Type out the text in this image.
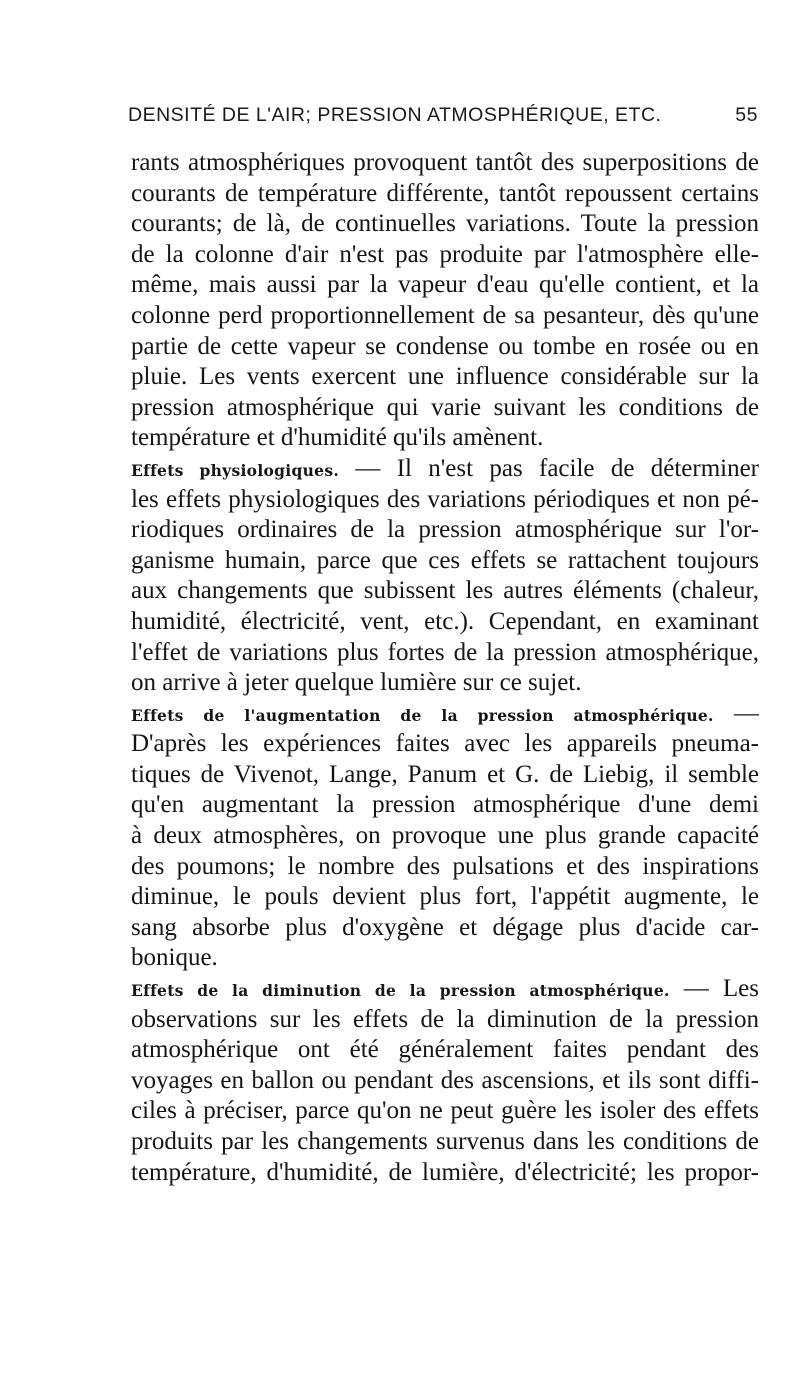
DENSITÉ DE L'AIR; PRESSION ATMOSPHÉRIQUE, ETC.	55
rants atmosphériques provoquent tantôt des superpositions de
courants de température différente, tantôt repoussent certains
courants; de là, de continuelles variations. Toute la pression
de la colonne d'air n'est pas produite par l'atmosphère elle-
même, mais aussi par la vapeur d'eau qu'elle contient, et la
colonne perd proportionnellement de sa pesanteur, dès qu'une
partie de cette vapeur se condense ou tombe en rosée ou en
pluie. Les vents exercent une influence considérable sur la
pression atmosphérique qui varie suivant les conditions de
température et d'humidité qu'ils amènent.
Effets physiologiques. — Il n'est pas facile de déterminer
les effets physiologiques des variations périodiques et non pé-
riodiques ordinaires de la pression atmosphérique sur l'or-
ganisme humain, parce que ces effets se rattachent toujours
aux changements que subissent les autres éléments (chaleur,
humidité, électricité, vent, etc.). Cependant, en examinant
l'effet de variations plus fortes de la pression atmosphérique,
on arrive à jeter quelque lumière sur ce sujet.
Effets de l'augmentation de la pression atmosphérique. —
D'après les expériences faites avec les appareils pneuma-
tiques de Vivenot, Lange, Panum et G. de Liebig, il semble
qu'en augmentant la pression atmosphérique d'une demi
à deux atmosphères, on provoque une plus grande capacité
des poumons; le nombre des pulsations et des inspirations
diminue, le pouls devient plus fort, l'appétit augmente, le
sang absorbe plus d'oxygène et dégage plus d'acide car-
bonique.
Effets de la diminution de la pression atmosphérique. — Les
observations sur les effets de la diminution de la pression
atmosphérique ont été généralement faites pendant des
voyages en ballon ou pendant des ascensions, et ils sont diffi-
ciles à préciser, parce qu'on ne peut guère les isoler des effets
produits par les changements survenus dans les conditions de
température, d'humidité, de lumière, d'électricité; les propor-
